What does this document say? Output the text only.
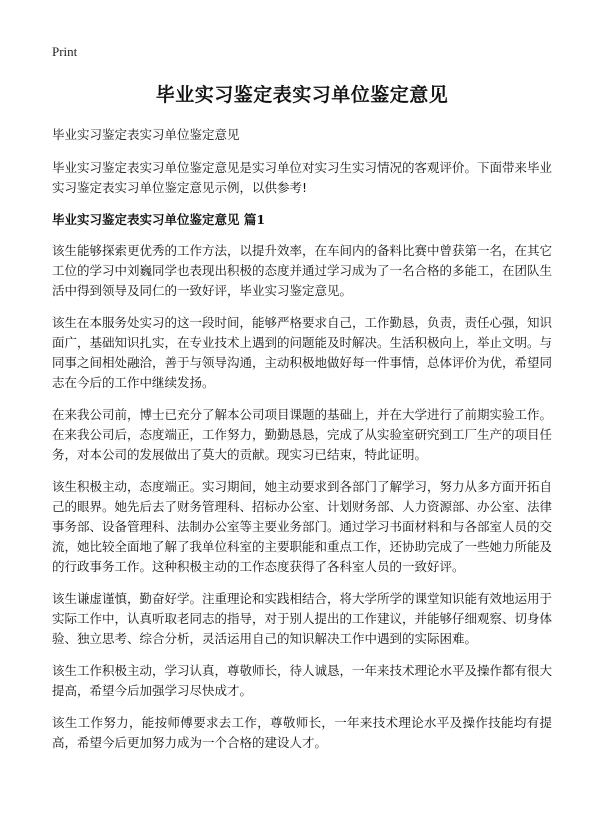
Print
毕业实习鉴定表实习单位鉴定意见

毕业实习鉴定表实习单位鉴定意见

毕业实习鉴定表实习单位鉴定意见是实习单位对实习生实习情况的客观评价。下面带来毕业实习鉴定表实习单位鉴定意见示例，以供参考!

毕业实习鉴定表实习单位鉴定意见 篇1

该生能够探索更优秀的工作方法，以提升效率，在车间内的备料比赛中曾获第一名，在其它工位的学习中刘巍同学也表现出积极的态度并通过学习成为了一名合格的多能工，在团队生活中得到领导及同仁的一致好评，毕业实习鉴定意见。

该生在本服务处实习的这一段时间，能够严格要求自己，工作勤恳，负责，责任心强，知识面广，基础知识扎实，在专业技术上遇到的问题能及时解决。生活积极向上，举止文明。与同事之间相处融洽，善于与领导沟通，主动积极地做好每一件事情，总体评价为优，希望同志在今后的工作中继续发扬。

在来我公司前，博士已充分了解本公司项目课题的基础上，并在大学进行了前期实验工作。在来我公司后，态度端正，工作努力，勤勤恳恳，完成了从实验室研究到工厂生产的项目任务，对本公司的发展做出了莫大的贡献。现实习已结束，特此证明。

该生积极主动，态度端正。实习期间，她主动要求到各部门了解学习，努力从多方面开拓自己的眼界。她先后去了财务管理科、招标办公室、计划财务部、人力资源部、办公室、法律事务部、设备管理科、法制办公室等主要业务部门。通过学习书面材料和与各部室人员的交流，她比较全面地了解了我单位科室的主要职能和重点工作，还协助完成了一些她力所能及的行政事务工作。这种积极主动的工作态度获得了各科室人员的一致好评。

该生谦虚谨慎，勤奋好学。注重理论和实践相结合，将大学所学的课堂知识能有效地运用于实际工作中，认真听取老同志的指导，对于别人提出的工作建议，并能够仔细观察、切身体验、独立思考、综合分析，灵活运用自己的知识解决工作中遇到的实际困难。

该生工作积极主动，学习认真，尊敬师长，待人诚恳，一年来技术理论水平及操作都有很大提高，希望今后加强学习尽快成才。

该生工作努力，能按师傅要求去工作，尊敬师长，一年来技术理论水平及操作技能均有提高，希望今后更加努力成为一个合格的建设人才。
